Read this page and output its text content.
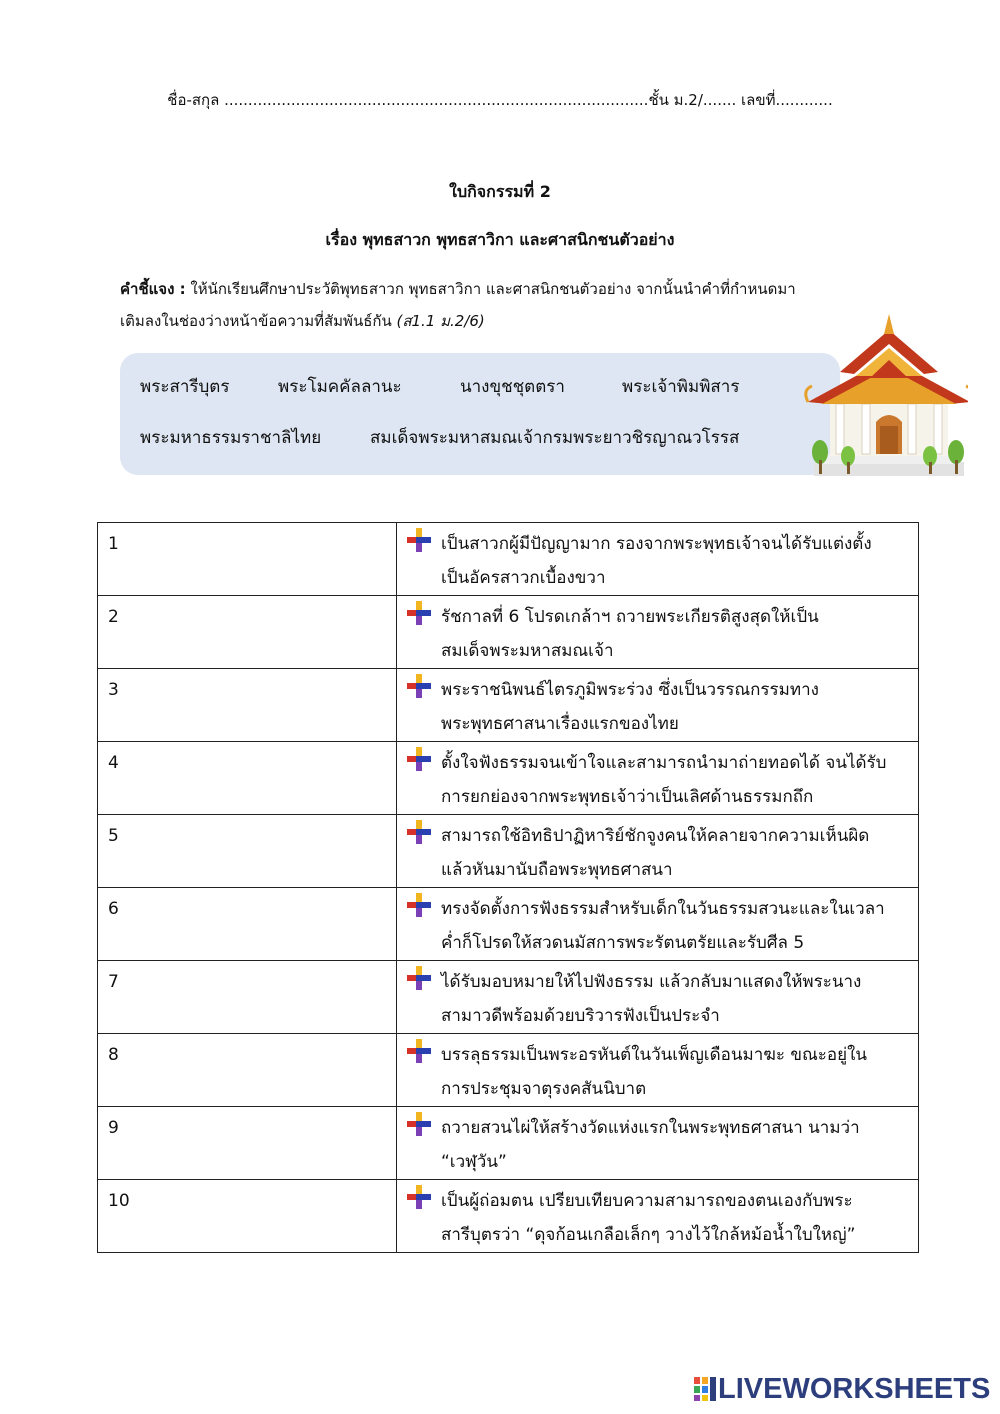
ชื่อ-สกุล .........................................................................................ชั้น ม.2/....... เลขที่............
ใบกิจกรรมที่ 2
เรื่อง พุทธสาวก พุทธสาวิกา และศาสนิกชนตัวอย่าง
คำชี้แจง : ให้นักเรียนศึกษาประวัติพุทธสาวก พุทธสาวิกา และศาสนิกชนตัวอย่าง จากนั้นนำคำที่กำหนดมา
เติมลงในช่องว่างหน้าข้อความที่สัมพันธ์กัน (ส1.1 ม.2/6)
พระสารีบุตร	พระโมคคัลลานะ	นางขุชชุตตรา	พระเจ้าพิมพิสาร
พระมหาธรรมราชาลิไทย	สมเด็จพระมหาสมณเจ้ากรมพระยาวชิรญาณวโรรส
1	เป็นสาวกผู้มีปัญญามาก รองจากพระพุทธเจ้าจนได้รับแต่งตั้ง
เป็นอัครสาวกเบื้องขวา

2	รัชกาลที่ 6 โปรดเกล้าฯ ถวายพระเกียรติสูงสุดให้เป็น
สมเด็จพระมหาสมณเจ้า

3	พระราชนิพนธ์ไตรภูมิพระร่วง ซึ่งเป็นวรรณกรรมทาง
พระพุทธศาสนาเรื่องแรกของไทย

4	ตั้งใจฟังธรรมจนเข้าใจและสามารถนำมาถ่ายทอดได้ จนได้รับ
การยกย่องจากพระพุทธเจ้าว่าเป็นเลิศด้านธรรมกถึก

5	สามารถใช้อิทธิปาฏิหาริย์ชักจูงคนให้คลายจากความเห็นผิด
แล้วหันมานับถือพระพุทธศาสนา

6	ทรงจัดตั้งการฟังธรรมสำหรับเด็กในวันธรรมสวนะและในเวลา
ค่ำก็โปรดให้สวดนมัสการพระรัตนตรัยและรับศีล 5

7	ได้รับมอบหมายให้ไปฟังธรรม แล้วกลับมาแสดงให้พระนาง
สามาวดีพร้อมด้วยบริวารฟังเป็นประจำ

8	บรรลุธรรมเป็นพระอรหันต์ในวันเพ็ญเดือนมาฆะ ขณะอยู่ใน
การประชุมจาตุรงคสันนิบาต

9	ถวายสวนไผ่ให้สร้างวัดแห่งแรกในพระพุทธศาสนา นามว่า
“เวฬุวัน”

10	เป็นผู้ถ่อมตน เปรียบเทียบความสามารถของตนเองกับพระ
สารีบุตรว่า “ดุจก้อนเกลือเล็กๆ วางไว้ใกล้หม้อน้ำใบใหญ่”
LIVEWORKSHEETS
